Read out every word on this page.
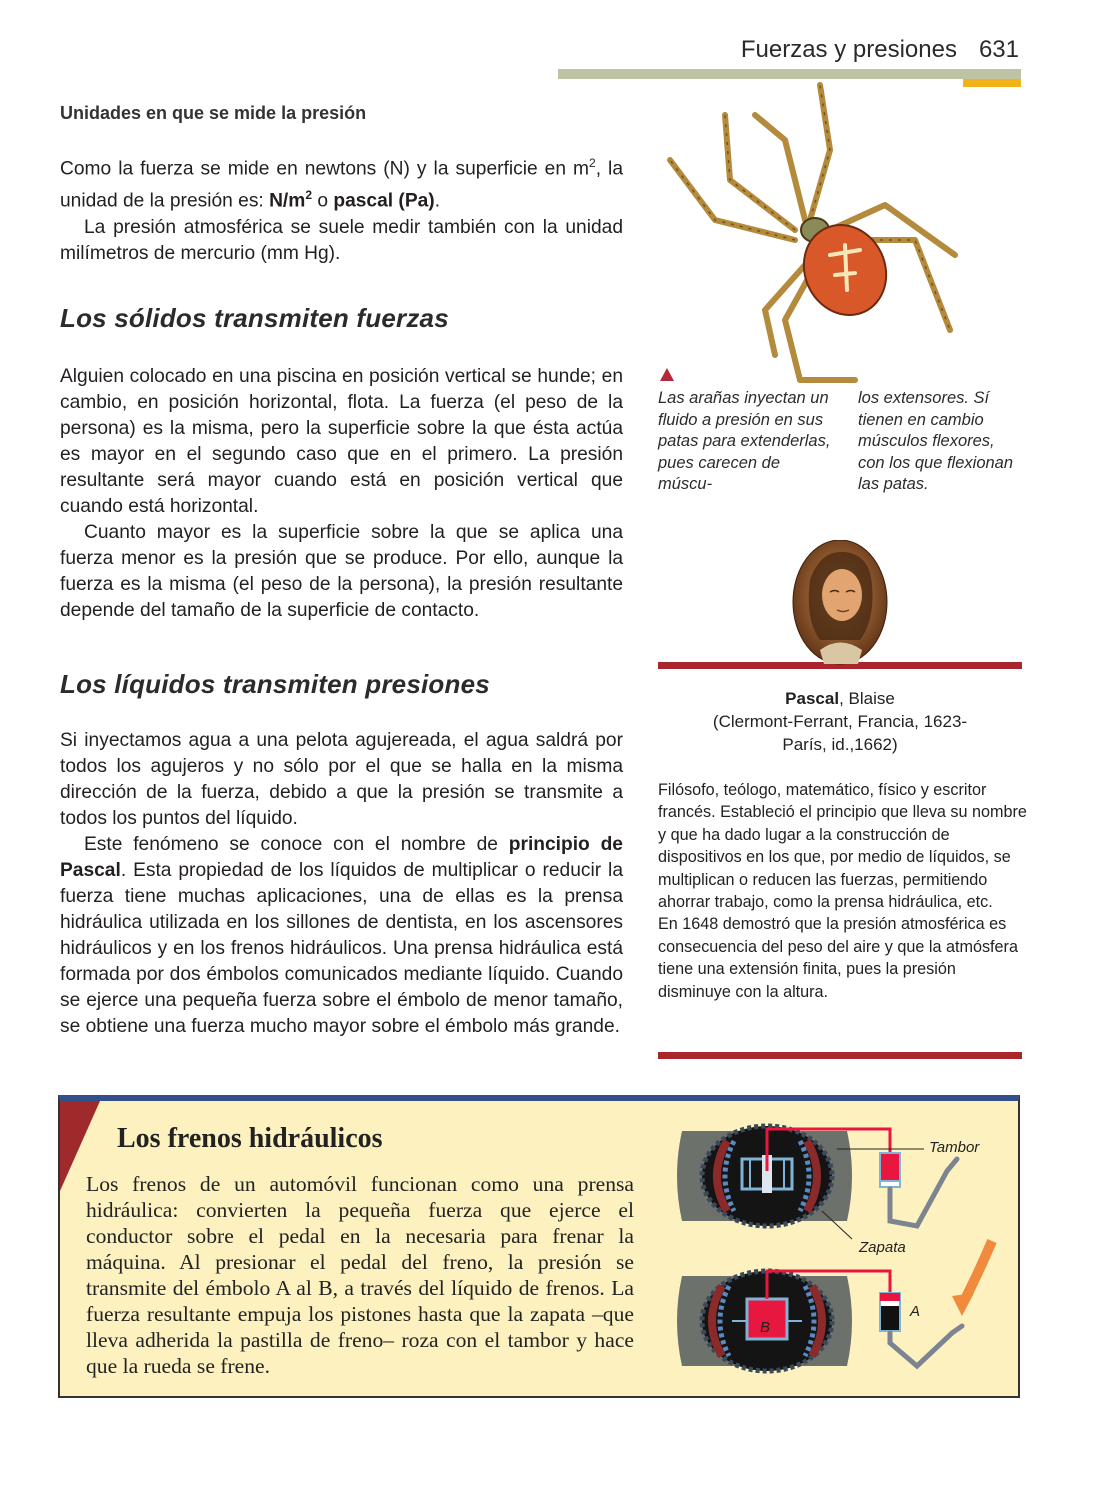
Fuerzas y presiones 631
Unidades en que se mide la presión

Como la fuerza se mide en newtons (N) y la superficie en $m^2$, la unidad de la presión es: $N/m^2$ o pascal (Pa).

La presión atmosférica se suele medir también con la unidad milímetros de mercurio (mm Hg).

Los sólidos transmiten fuerzas

Alguien colocado en una piscina en posición vertical se hunde; en cambio, en posición horizontal, flota. La fuerza (el peso de la persona) es la misma, pero la superficie sobre la que ésta actúa es mayor en el segundo caso que en el primero. La presión resultante será mayor cuando está en posición vertical que cuando está horizontal.

Cuanto mayor es la superficie sobre la que se aplica una fuerza menor es la presión que se produce. Por ello, aunque la fuerza es la misma (el peso de la persona), la presión resultante depende del tamaño de la superficie de contacto.

Los líquidos transmiten presiones

Si inyectamos agua a una pelota agujereada, el agua saldrá por todos los agujeros y no sólo por el que se halla en la misma dirección de la fuerza, debido a que la presión se transmite a todos los puntos del líquido.

Este fenómeno se conoce con el nombre de principio de Pascal. Esta propiedad de los líquidos de multiplicar o reducir la fuerza tiene muchas aplicaciones, una de ellas es la prensa hidráulica utilizada en los sillones de dentista, en los ascensores hidráulicos y en los frenos hidráulicos. Una prensa hidráulica está formada por dos émbolos comunicados mediante líquido. Cuando se ejerce una pequeña fuerza sobre el émbolo de menor tamaño, se obtiene una fuerza mucho mayor sobre el émbolo más grande.

Las arañas inyectan un fluido a presión en sus patas para extenderlas, pues carecen de múscu-
los extensores. Sí tienen en cambio músculos flexores, con los que flexionan las patas.
Pascal, Blaise
(Clermont-Ferrant, Francia, 1623-
París, id.,1662)
Filósofo, teólogo, matemático, físico y escritor francés. Estableció el principio que lleva su nombre y que ha dado lugar a la construcción de dispositivos en los que, por medio de líquidos, se multiplican o reducen las fuerzas, permitiendo ahorrar trabajo, como la prensa hidráulica, etc.
En 1648 demostró que la presión atmosférica es consecuencia del peso del aire y que la atmósfera tiene una extensión finita, pues la presión disminuye con la altura.
Los frenos hidráulicos
Los frenos de un automóvil funcionan como una prensa hidráulica: convierten la pequeña fuerza que ejerce el conductor sobre el pedal en la necesaria para frenar la máquina. Al presionar el pedal del freno, la presión se transmite del émbolo A al B, a través del líquido de frenos. La fuerza resultante empuja los pistones hasta que la zapata –que lleva adherida la pastilla de freno– roza con el tambor y hace que la rueda se frene.
Tambor
Zapata
A
B
